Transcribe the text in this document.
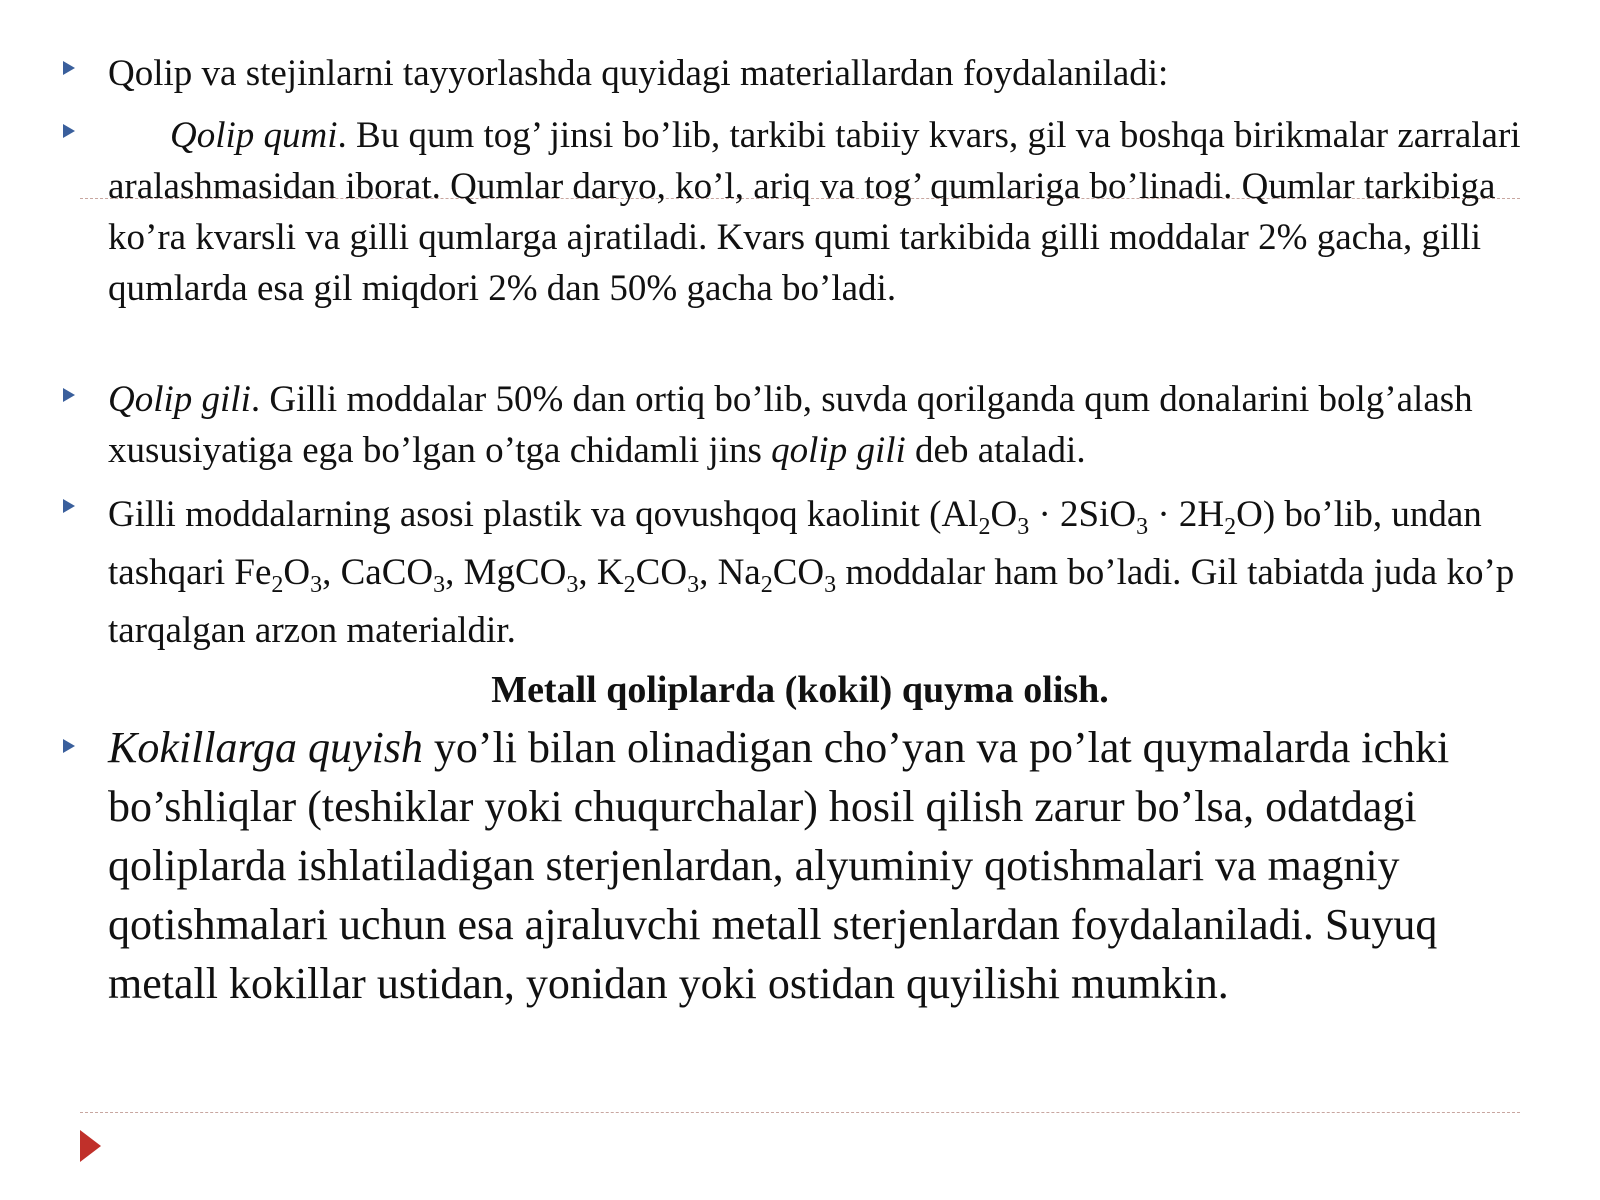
Qolip va stejinlarni tayyorlashda quyidagi materiallardan foydalaniladi:
Qolip qumi. Bu qum tog’ jinsi bo’lib, tarkibi tabiiy kvars, gil va boshqa birikmalar zarralari aralashmasidan iborat. Qumlar daryo, ko’l, ariq va tog’ qumlariga bo’linadi. Qumlar tarkibiga ko’ra kvarsli va gilli qumlarga ajratiladi. Kvars qumi tarkibida gilli moddalar 2% gacha, gilli qumlarda esa gil miqdori 2% dan 50% gacha bo’ladi.
Qolip gili. Gilli moddalar 50% dan ortiq bo’lib, suvda qorilganda qum donalarini bolg’alash xususiyatiga ega bo’lgan o’tga chidamli jins qolip gili deb ataladi.
Gilli moddalarning asosi plastik va qovushqoq kaolinit $(Al_2O_3 \cdot 2SiO_3 \cdot 2H_2O)$ bo’lib, undan tashqari $Fe_2O_3$, CaCO$_3$, MgCO$_3$, $K_2CO_3$, $Na_2CO_3$ moddalar ham bo’ladi. Gil tabiatda juda ko’p tarqalgan arzon materialdir.
Metall qoliplarda (kokil) quyma olish.
Kokillarga quyish yo’li bilan olinadigan cho’yan va po’lat quymalarda ichki bo’shliqlar (teshiklar yoki chuqurchalar) hosil qilish zarur bo’lsa, odatdagi qoliplarda ishlatiladigan sterjenlardan, alyuminiy qotishmalari va magniy qotishmalari uchun esa ajraluvchi metall sterjenlardan foydalaniladi. Suyuq metall kokillar ustidan, yonidan yoki ostidan quyilishi mumkin.
